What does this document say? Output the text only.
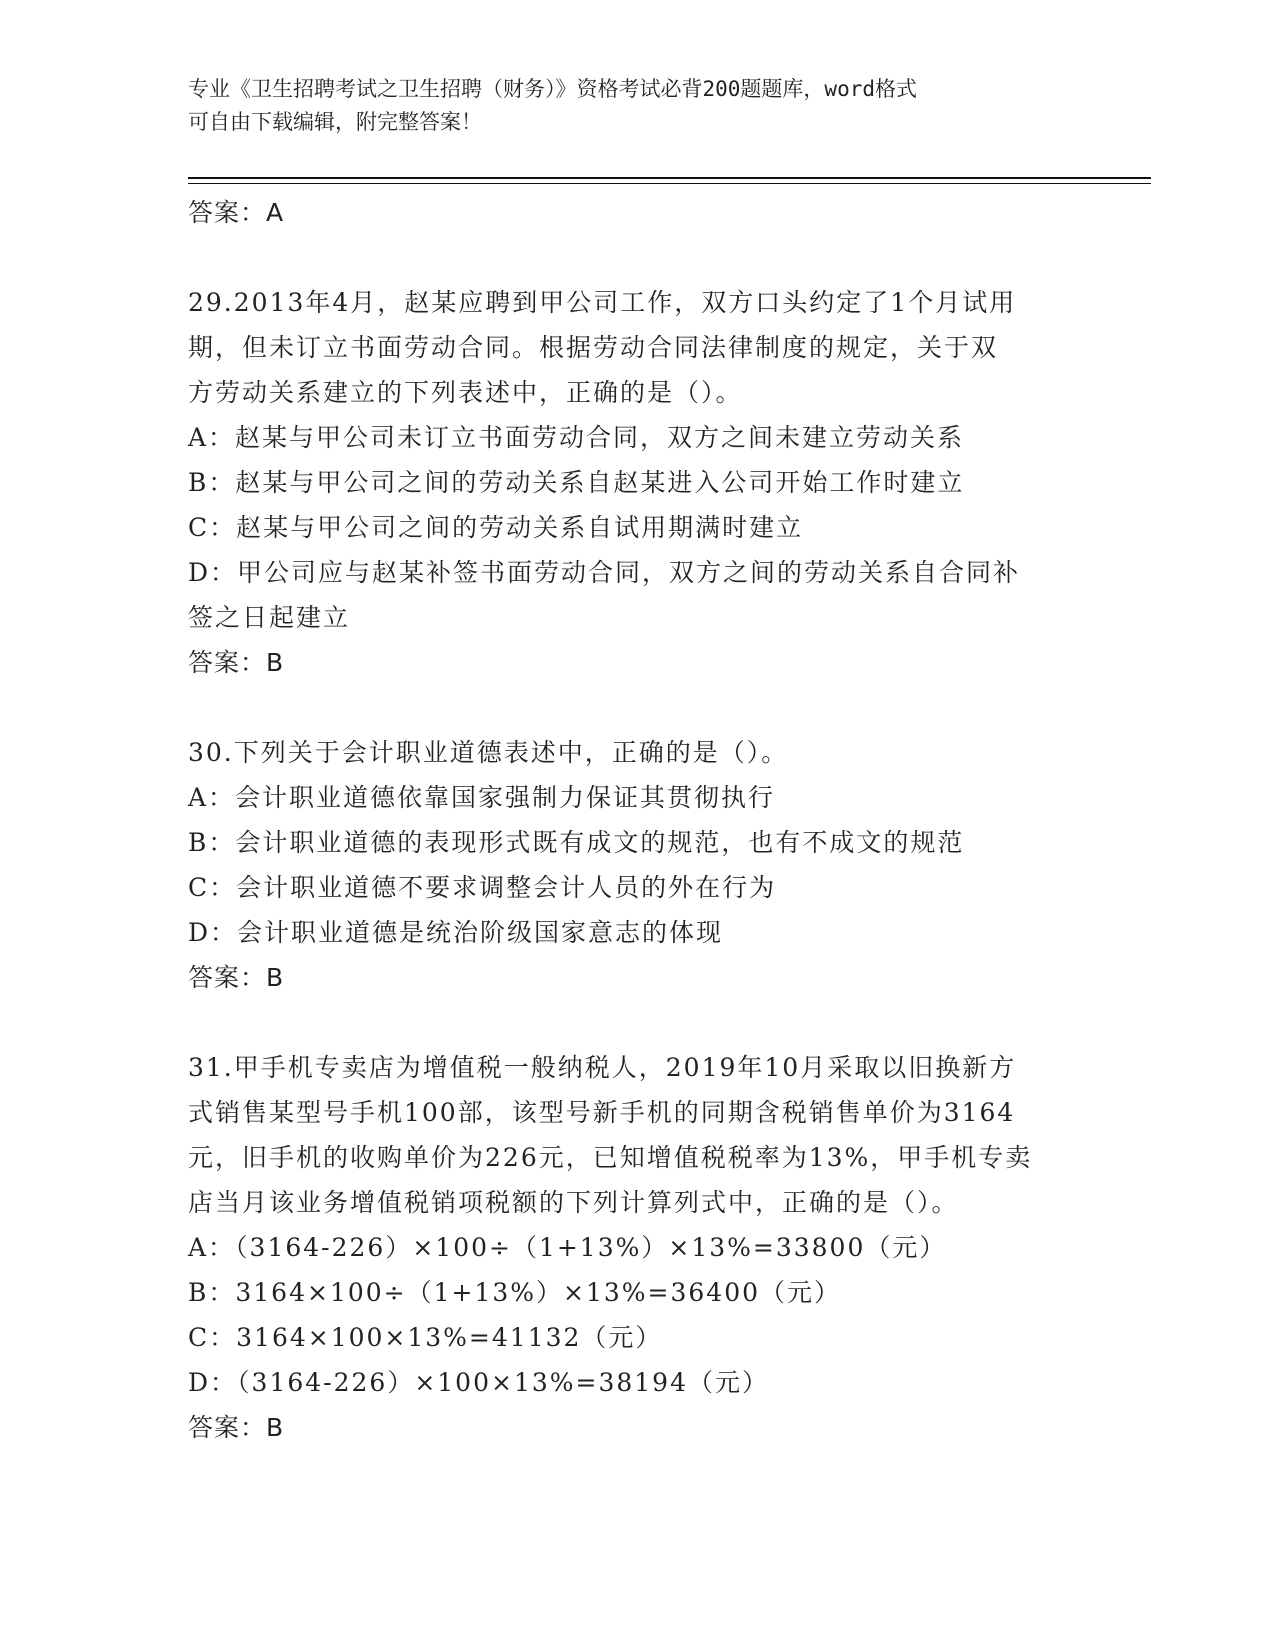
专业《卫生招聘考试之卫生招聘（财务）》资格考试必背200题题库，word格式
可自由下载编辑，附完整答案！
答案：A
29.2013年4月，赵某应聘到甲公司工作，双方口头约定了1个月试用
期，但未订立书面劳动合同。根据劳动合同法律制度的规定，关于双
方劳动关系建立的下列表述中，正确的是（）。
A：赵某与甲公司未订立书面劳动合同，双方之间未建立劳动关系
B：赵某与甲公司之间的劳动关系自赵某进入公司开始工作时建立
C：赵某与甲公司之间的劳动关系自试用期满时建立
D：甲公司应与赵某补签书面劳动合同，双方之间的劳动关系自合同补
签之日起建立
答案：B
30.下列关于会计职业道德表述中，正确的是（）。
A：会计职业道德依靠国家强制力保证其贯彻执行
B：会计职业道德的表现形式既有成文的规范，也有不成文的规范
C：会计职业道德不要求调整会计人员的外在行为
D：会计职业道德是统治阶级国家意志的体现
答案：B
31.甲手机专卖店为增值税一般纳税人，2019年10月采取以旧换新方
式销售某型号手机100部，该型号新手机的同期含税销售单价为3164
元，旧手机的收购单价为226元，已知增值税税率为13%，甲手机专卖
店当月该业务增值税销项税额的下列计算列式中，正确的是（）。
A：（3164-226）×100÷（1+13%）×13%=33800（元）
B：3164×100÷（1+13%）×13%=36400（元）
C：3164×100×13%=41132（元）
D：（3164-226）×100×13%=38194（元）
答案：B
